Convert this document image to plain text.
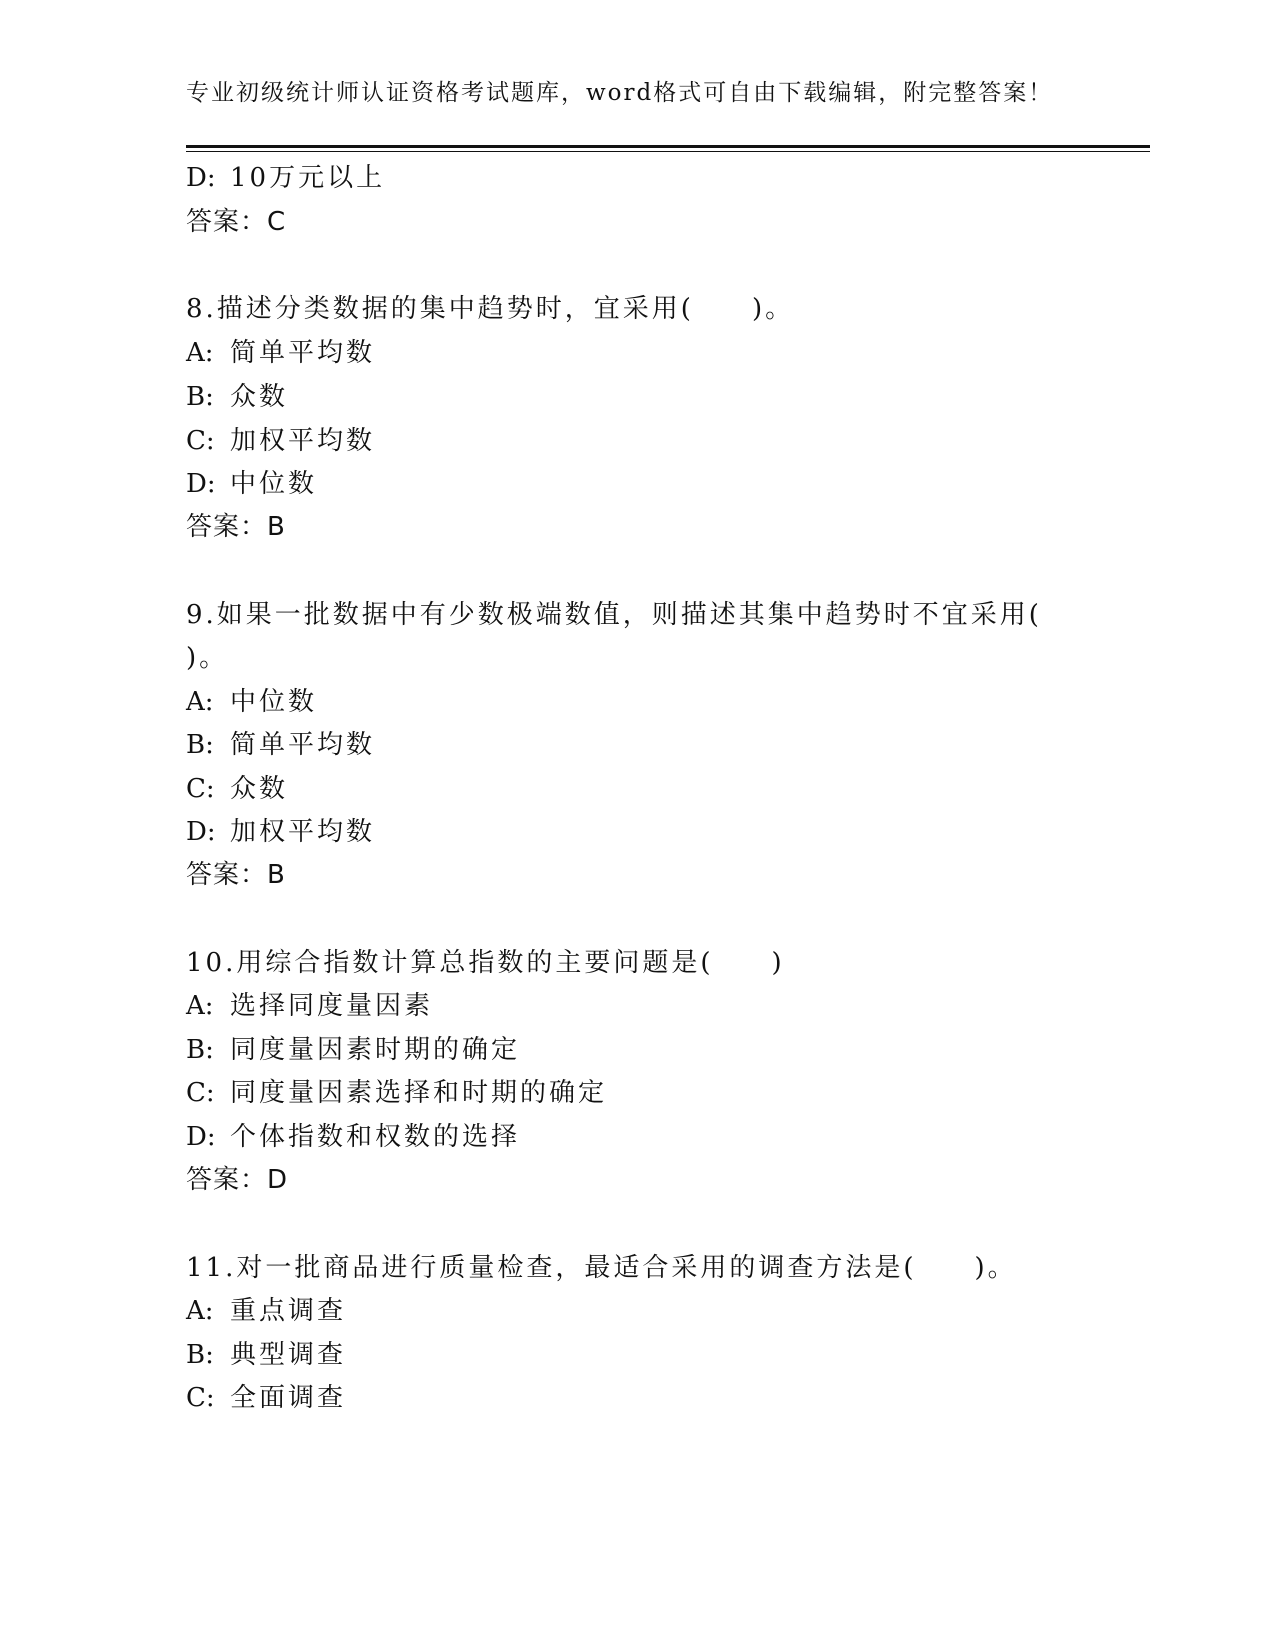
专业初级统计师认证资格考试题库，word格式可自由下载编辑，附完整答案！
D: 10万元以上
答案：C
8.描述分类数据的集中趋势时，宜采用(　　)。
A: 简单平均数
B: 众数
C: 加权平均数
D: 中位数
答案：B
9.如果一批数据中有少数极端数值，则描述其集中趋势时不宜采用(
)。
A: 中位数
B: 简单平均数
C: 众数
D: 加权平均数
答案：B
10.用综合指数计算总指数的主要问题是(　　)
A: 选择同度量因素
B: 同度量因素时期的确定
C: 同度量因素选择和时期的确定
D: 个体指数和权数的选择
答案：D
11.对一批商品进行质量检查，最适合采用的调查方法是(　　)。
A: 重点调查
B: 典型调查
C: 全面调查
